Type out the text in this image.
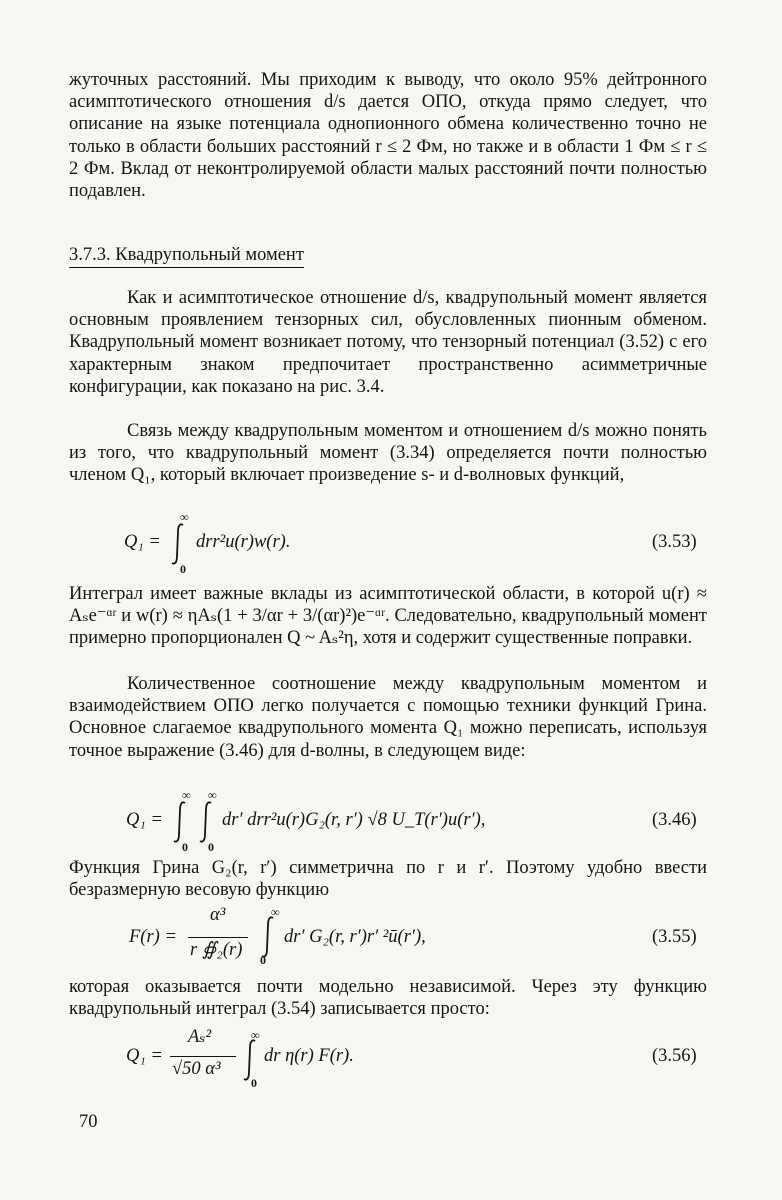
жуточных расстояний. Мы приходим к выводу, что около 95% дейтронного асимптотического отношения d/s дается ОПО, откуда прямо следует, что описание на языке потенциала однопионного обмена количественно точно не только в области больших расстояний r ≤ 2 Фм, но также и в области 1 Фм ≤ r ≤ 2 Фм. Вклад от неконтролируемой области малых расстояний почти полностью подавлен.
3.7.3. Квадрупольный момент
Как и асимптотическое отношение d/s, квадрупольный момент является основным проявлением тензорных сил, обусловленных пионным обменом. Квадрупольный момент возникает потому, что тензорный потенциал (3.52) с его характерным знаком предпочитает пространственно асимметричные конфигурации, как показано на рис. 3.4.
Связь между квадрупольным моментом и отношением d/s можно понять из того, что квадрупольный момент (3.34) определяется почти полностью членом Q₁, который включает произведение s- и d-волновых функций,
Q₁ =
∞
0
drr²u(r)w(r).	(3.53)
Интеграл имеет важные вклады из асимптотической области, в которой u(r) ≈ Aₛe⁻ᵅʳ и w(r) ≈ ηAₛ(1 + 3/αr + 3/(αr)²)e⁻ᵅʳ. Следовательно, квадрупольный момент примерно пропорционален Q ~ Aₛ²η, хотя и содержит существенные поправки.
Количественное соотношение между квадрупольным моментом и взаимодействием ОПО легко получается с помощью техники функций Грина. Основное слагаемое квадрупольного момента Q₁ можно переписать, используя точное выражение (3.46) для d-волны, в следующем виде:
Q₁ =
∞
0
∞
0
dr′ drr²u(r)G₂(r, r′) √8 U_T(r′)u(r′),	(3.46)
Функция Грина G₂(r, r′) симметрична по r и r′. Поэтому удобно ввести безразмерную весовую функцию
F(r) =
α³
r ∯₂(r)
∞
0
dr′ G₂(r, r′)r′ ²ū(r′),	(3.55)
которая оказывается почти модельно независимой. Через эту функцию квадрупольный интеграл (3.54) записывается просто:
Q₁ =
Aₛ²
√50 α³
∞
0
dr η(r) F(r).	(3.56)
70
